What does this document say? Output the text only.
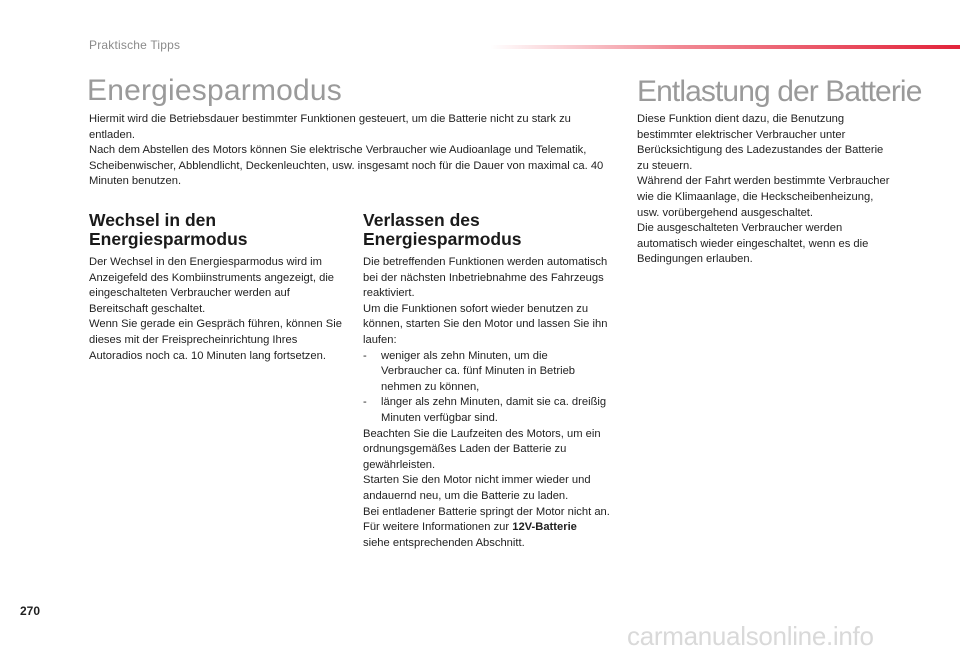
Praktische Tipps
Energiesparmodus
Hiermit wird die Betriebsdauer bestimmter Funktionen gesteuert, um die Batterie nicht zu stark zu entladen.
Nach dem Abstellen des Motors können Sie elektrische Verbraucher wie Audioanlage und Telematik, Scheibenwischer, Abblendlicht, Deckenleuchten, usw. insgesamt noch für die Dauer von maximal ca. 40 Minuten benutzen.
Wechsel in den
Energiesparmodus
Der Wechsel in den Energiesparmodus wird im Anzeigefeld des Kombiinstruments angezeigt, die eingeschalteten Verbraucher werden auf Bereitschaft geschaltet.
Wenn Sie gerade ein Gespräch führen, können Sie dieses mit der Freisprecheinrichtung Ihres Autoradios noch ca. 10 Minuten lang fortsetzen.
Verlassen des
Energiesparmodus
Die betreffenden Funktionen werden automatisch bei der nächsten Inbetriebnahme des Fahrzeugs reaktiviert.
Um die Funktionen sofort wieder benutzen zu können, starten Sie den Motor und lassen Sie ihn laufen:
-	weniger als zehn Minuten, um die Verbraucher ca. fünf Minuten in Betrieb nehmen zu können,
-	länger als zehn Minuten, damit sie ca. dreißig Minuten verfügbar sind.
Beachten Sie die Laufzeiten des Motors, um ein ordnungsgemäßes Laden der Batterie zu gewährleisten.
Starten Sie den Motor nicht immer wieder und andauernd neu, um die Batterie zu laden.
Bei entladener Batterie springt der Motor nicht an.
Für weitere Informationen zur 12V-Batterie
siehe entsprechenden Abschnitt.
Entlastung der Batterie
Diese Funktion dient dazu, die Benutzung bestimmter elektrischer Verbraucher unter Berücksichtigung des Ladezustandes der Batterie zu steuern.
Während der Fahrt werden bestimmte Verbraucher wie die Klimaanlage, die Heckscheibenheizung, usw. vorübergehend ausgeschaltet.
Die ausgeschalteten Verbraucher werden automatisch wieder eingeschaltet, wenn es die Bedingungen erlauben.
270
carmanualsonline.info
